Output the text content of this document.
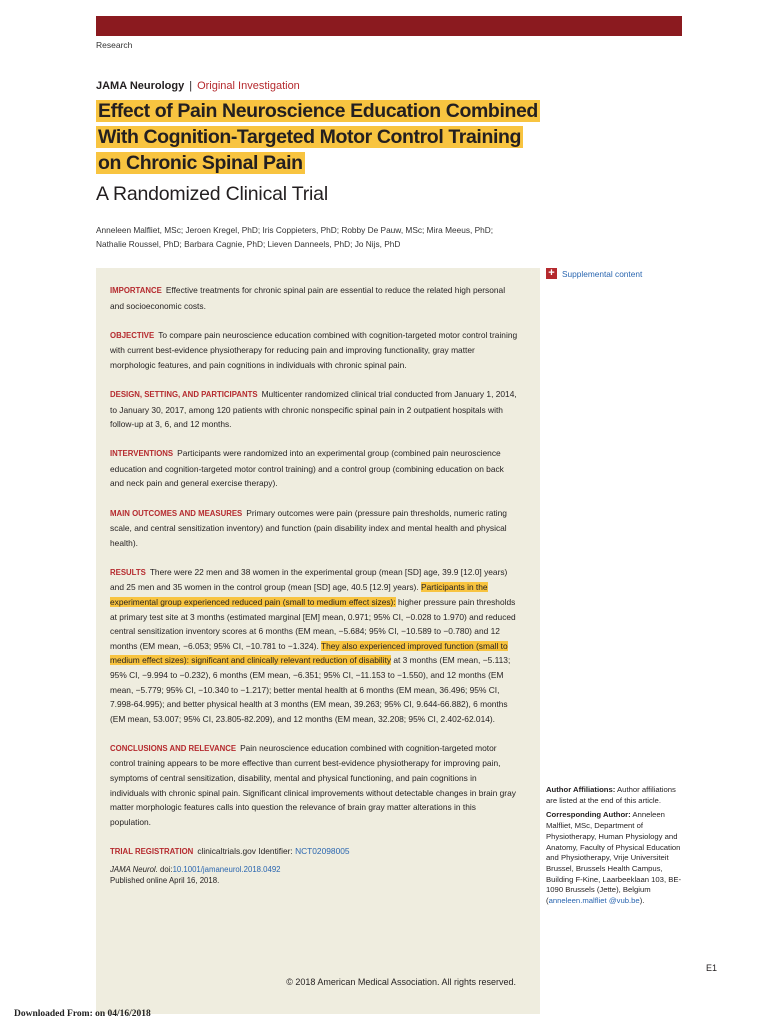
Research
JAMA Neurology | Original Investigation
Effect of Pain Neuroscience Education Combined
With Cognition-Targeted Motor Control Training
on Chronic Spinal Pain
A Randomized Clinical Trial
Anneleen Malfliet, MSc; Jeroen Kregel, PhD; Iris Coppieters, PhD; Robby De Pauw, MSc; Mira Meeus, PhD;
Nathalie Roussel, PhD; Barbara Cagnie, PhD; Lieven Danneels, PhD; Jo Nijs, PhD

IMPORTANCE Effective treatments for chronic spinal pain are essential to reduce the related high personal and socioeconomic costs.

OBJECTIVE To compare pain neuroscience education combined with cognition-targeted motor control training with current best-evidence physiotherapy for reducing pain and improving functionality, gray matter morphologic features, and pain cognitions in individuals with chronic spinal pain.

DESIGN, SETTING, AND PARTICIPANTS Multicenter randomized clinical trial conducted from January 1, 2014, to January 30, 2017, among 120 patients with chronic nonspecific spinal pain in 2 outpatient hospitals with follow-up at 3, 6, and 12 months.

INTERVENTIONS Participants were randomized into an experimental group (combined pain neuroscience education and cognition-targeted motor control training) and a control group (combining education on back and neck pain and general exercise therapy).

MAIN OUTCOMES AND MEASURES Primary outcomes were pain (pressure pain thresholds, numeric rating scale, and central sensitization inventory) and function (pain disability index and mental health and physical health).

RESULTS There were 22 men and 38 women in the experimental group (mean [SD] age, 39.9 [12.0] years) and 25 men and 35 women in the control group (mean [SD] age, 40.5 [12.9] years). Participants in the experimental group experienced reduced pain (small to medium effect sizes): higher pressure pain thresholds at primary test site at 3 months (estimated marginal [EM] mean, 0.971; 95% CI, −0.028 to 1.970) and reduced central sensitization inventory scores at 6 months (EM mean, −5.684; 95% CI, −10.589 to −0.780) and 12 months (EM mean, −6.053; 95% CI, −10.781 to −1.324). They also experienced improved function (small to medium effect sizes): significant and clinically relevant reduction of disability at 3 months (EM mean, −5.113; 95% CI, −9.994 to −0.232), 6 months (EM mean, −6.351; 95% CI, −11.153 to −1.550), and 12 months (EM mean, −5.779; 95% CI, −10.340 to −1.217); better mental health at 6 months (EM mean, 36.496; 95% CI, 7.998-64.995); and better physical health at 3 months (EM mean, 39.263; 95% CI, 9.644-66.882), 6 months (EM mean, 53.007; 95% CI, 23.805-82.209), and 12 months (EM mean, 32.208; 95% CI, 2.402-62.014).

CONCLUSIONS AND RELEVANCE Pain neuroscience education combined with cognition-targeted motor control training appears to be more effective than current best-evidence physiotherapy for improving pain, symptoms of central sensitization, disability, mental and physical functioning, and pain cognitions in individuals with chronic spinal pain. Significant clinical improvements without detectable changes in brain gray matter morphologic features calls into question the relevance of brain gray matter alterations in this population.

TRIAL REGISTRATION clinicaltrials.gov Identifier: NCT02098005

JAMA Neurol. doi:10.1001/jamaneurol.2018.0492
Published online April 16, 2018.

© 2018 American Medical Association. All rights reserved.
+ Supplemental content

Author Affiliations: Author affiliations are listed at the end of this article.

Corresponding Author: Anneleen Malfliet, MSc, Department of Physiotherapy, Human Physiology and Anatomy, Faculty of Physical Education and Physiotherapy, Vrije Universiteit Brussel, Brussels Health Campus, Building F-Kine, Laarbeeklaan 103, BE-1090 Brussels (Jette), Belgium (anneleen.malfliet @vub.be).

E1
Downloaded From: on 04/16/2018
